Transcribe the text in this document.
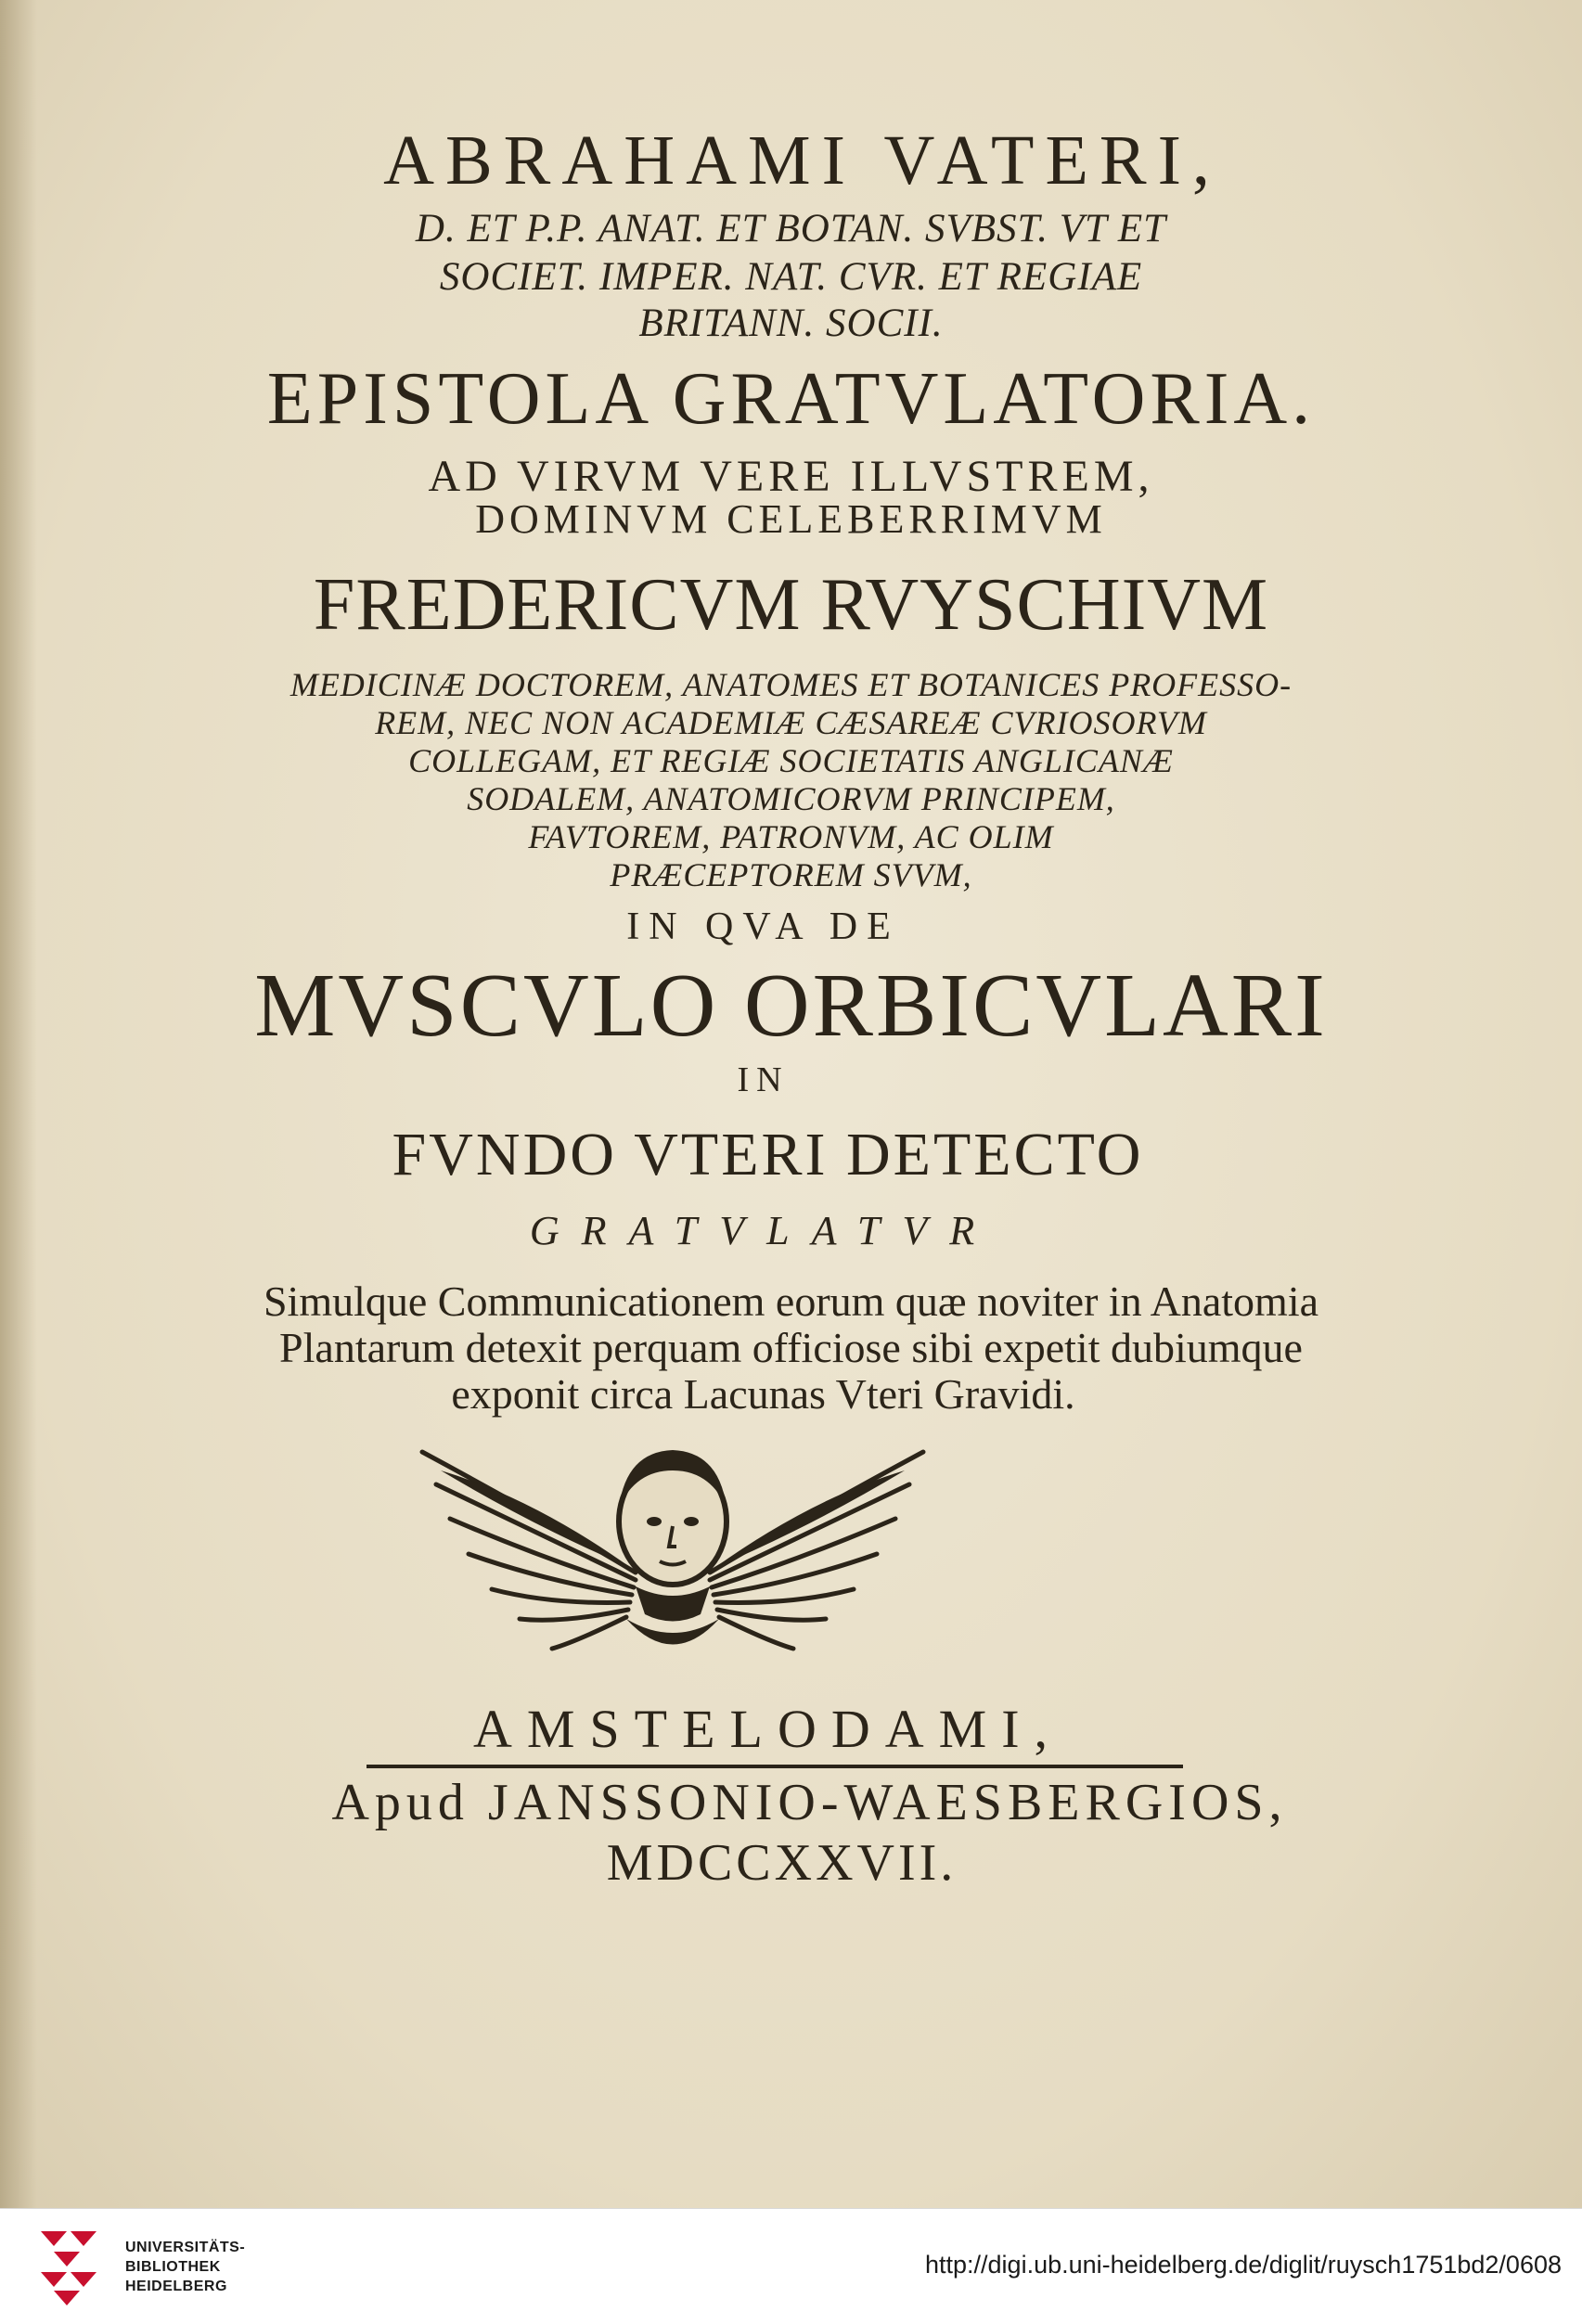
ABRAHAMI VATERI,

D. ET P.P. ANAT. ET BOTAN. SVBST. VT ET

SOCIET. IMPER. NAT. CVR. ET REGIAE

BRITANN. SOCII.

EPISTOLA GRATVLATORIA.

AD VIRVM VERE ILLVSTREM,

DOMINVM CELEBERRIMVM

FREDERICVM RVYSCHIVM

MEDICINÆ DOCTOREM, ANATOMES ET BOTANICES PROFESSO-

REM, NEC NON ACADEMIÆ CÆSAREÆ CVRIOSORVM

COLLEGAM, ET REGIÆ SOCIETATIS ANGLICANÆ

SODALEM, ANATOMICORVM PRINCIPEM,

FAVTOREM, PATRONVM, AC OLIM

PRÆCEPTOREM SVVM,

IN QVA DE

MVSCVLO ORBICVLARI

IN

FVNDO VTERI DETECTO

GRATVLATVR

Simulque Communicationem eorum quæ noviter in Anatomia

Plantarum detexit perquam officiose sibi expetit dubiumque

exponit circa Lacunas Vteri Gravidi.

AMSTELODAMI,

Apud JANSSONIO-WAESBERGIOS,

MDCCXXVII.

UNIVERSITÄTS-
BIBLIOTHEK
HEIDELBERG
http://digi.ub.uni-heidelberg.de/diglit/ruysch1751bd2/0608
